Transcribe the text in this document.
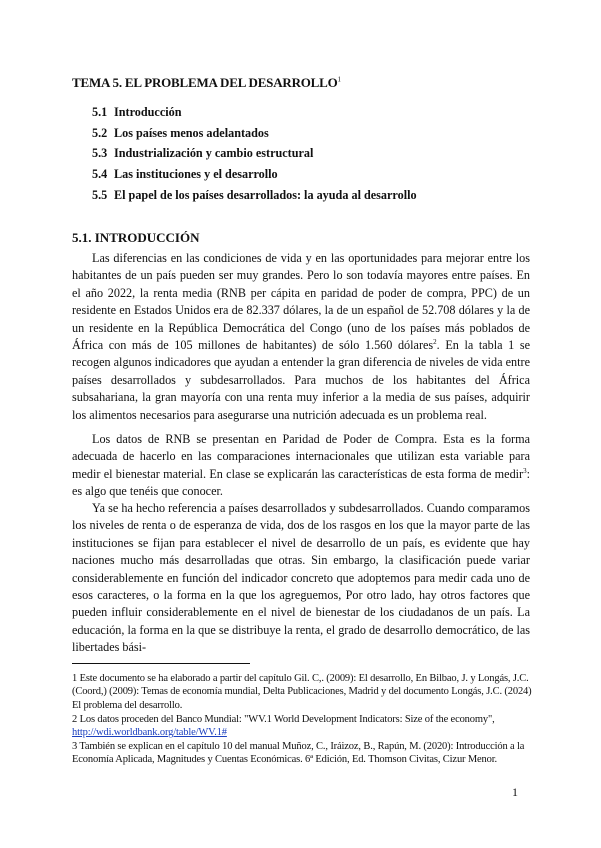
TEMA 5. EL PROBLEMA DEL DESARROLLO$^1$
5.1 Introducción
5.2 Los países menos adelantados
5.3 Industrialización y cambio estructural
5.4 Las instituciones y el desarrollo
5.5 El papel de los países desarrollados: la ayuda al desarrollo
5.1. INTRODUCCIÓN

Las diferencias en las condiciones de vida y en las oportunidades para mejorar entre los habitantes de un país pueden ser muy grandes. Pero lo son todavía mayores entre países. En el año 2022, la renta media (RNB per cápita en paridad de poder de compra, PPC) de un residente en Estados Unidos era de 82.337 dólares, la de un español de 52.708 dólares y la de un residente en la República Democrática del Congo (uno de los países más poblados de África con más de 105 millones de habitantes) de sólo 1.560 dólares$^2$. En la tabla 1 se recogen algunos indicadores que ayudan a entender la gran diferencia de niveles de vida entre países desarrollados y subdesarrollados. Para muchos de los habitantes del África subsahariana, la gran mayoría con una renta muy inferior a la media de sus países, adquirir los alimentos necesarios para asegurarse una nutrición adecuada es un problema real.

Los datos de RNB se presentan en Paridad de Poder de Compra. Esta es la forma adecuada de hacerlo en las comparaciones internacionales que utilizan esta variable para medir el bienestar material. En clase se explicarán las características de esta forma de medir$^3$: es algo que tenéis que conocer.

Ya se ha hecho referencia a países desarrollados y subdesarrollados. Cuando comparamos los niveles de renta o de esperanza de vida, dos de los rasgos en los que la mayor parte de las instituciones se fijan para establecer el nivel de desarrollo de un país, es evidente que hay naciones mucho más desarrolladas que otras. Sin embargo, la clasificación puede variar considerablemente en función del indicador concreto que adoptemos para medir cada uno de esos caracteres, o la forma en la que los agreguemos, Por otro lado, hay otros factores que pueden influir considerablemente en el nivel de bienestar de los ciudadanos de un país. La educación, la forma en la que se distribuye la renta, el grado de desarrollo democrático, de las libertades bási-

1 Este documento se ha elaborado a partir del capítulo Gil. C,. (2009): El desarrollo, En Bilbao, J. y Longás, J.C. (Coord,) (2009): Temas de economía mundial, Delta Publicaciones, Madrid y del documento Longás, J.C. (2024) El problema del desarrollo.

2 Los datos proceden del Banco Mundial: "WV.1 World Development Indicators: Size of the economy", http://wdi.worldbank.org/table/WV.1#

3 También se explican en el capítulo 10 del manual Muñoz, C., Iráizoz, B., Rapún, M. (2020): Introducción a la Economía Aplicada, Magnitudes y Cuentas Económicas. 6ª Edición, Ed. Thomson Civitas, Cizur Menor.

1
